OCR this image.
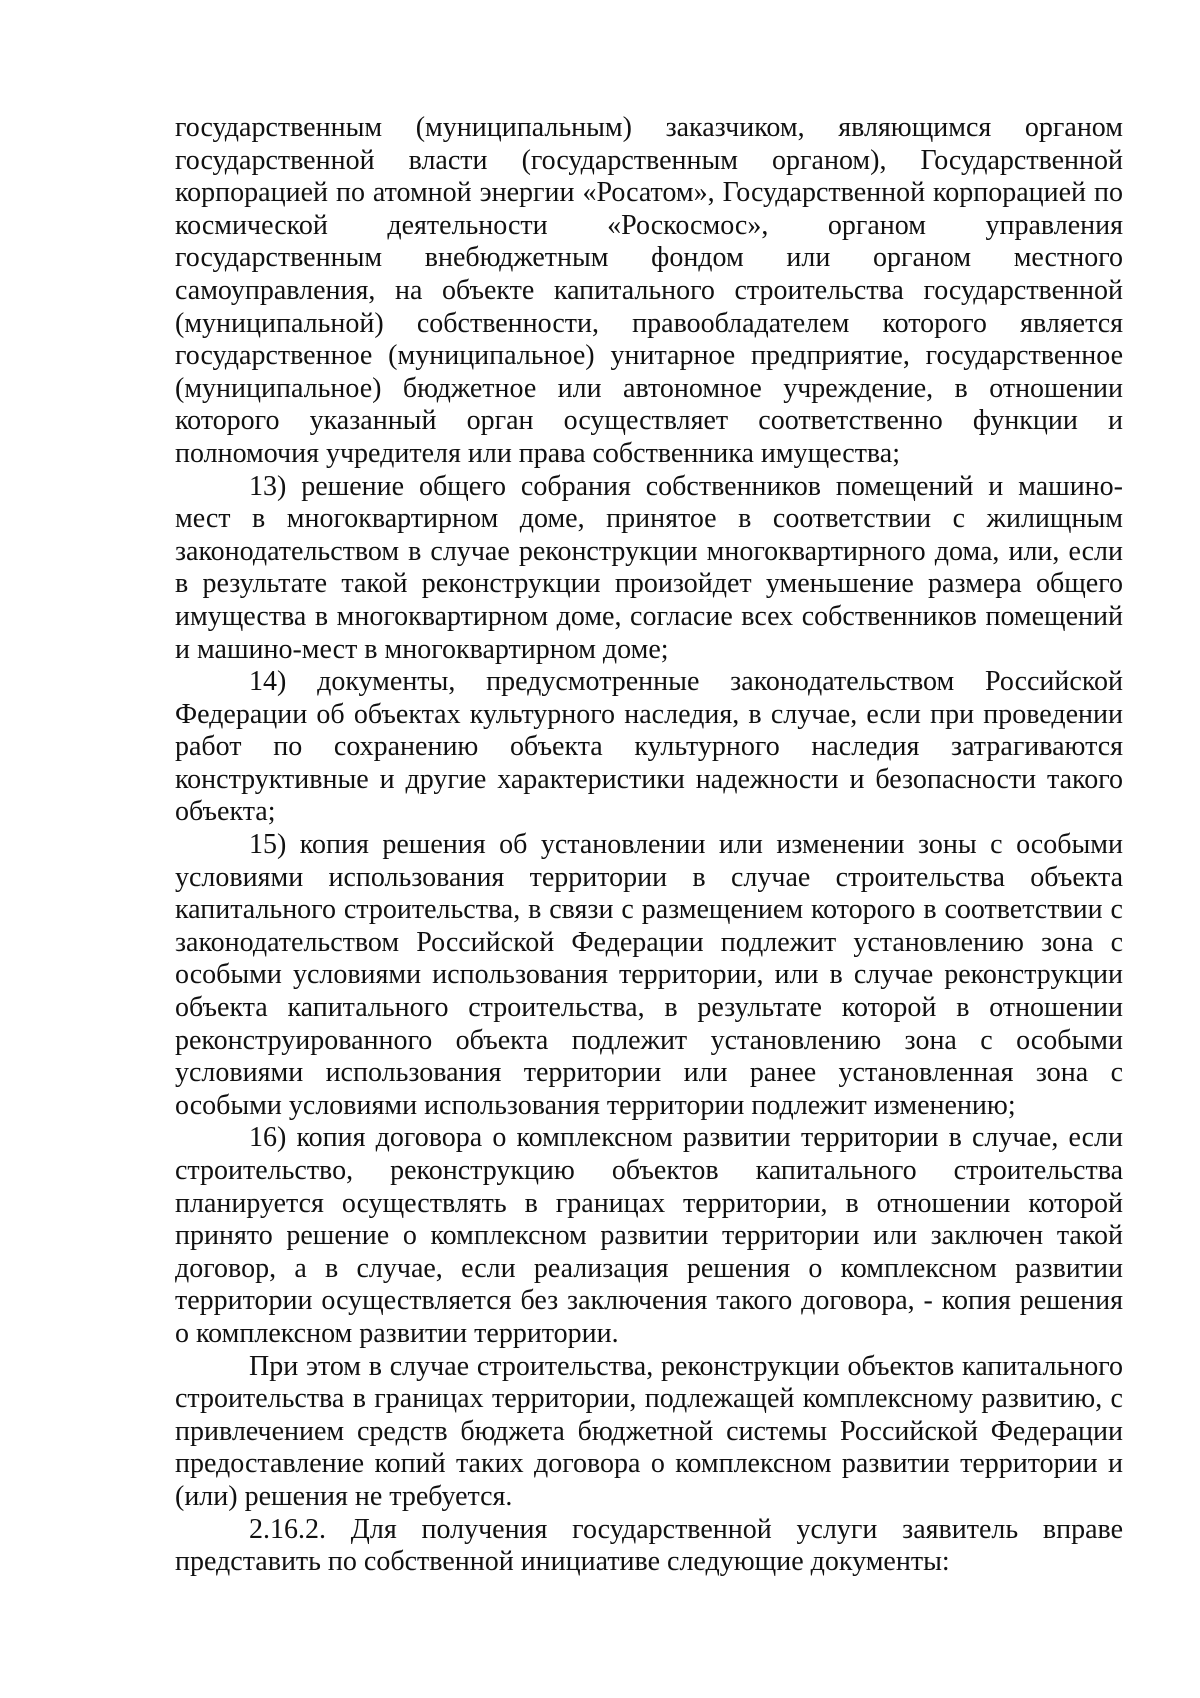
государственным (муниципальным) заказчиком, являющимся органом государственной власти (государственным органом), Государственной корпорацией по атомной энергии «Росатом», Государственной корпорацией по космической деятельности «Роскосмос», органом управления государственным внебюджетным фондом или органом местного самоуправления, на объекте капитального строительства государственной (муниципальной) собственности, правообладателем которого является государственное (муниципальное) унитарное предприятие, государственное (муниципальное) бюджетное или автономное учреждение, в отношении которого указанный орган осуществляет соответственно функции и полномочия учредителя или права собственника имущества;

13) решение общего собрания собственников помещений и машино-мест в многоквартирном доме, принятое в соответствии с жилищным законодательством в случае реконструкции многоквартирного дома, или, если в результате такой реконструкции произойдет уменьшение размера общего имущества в многоквартирном доме, согласие всех собственников помещений и машино-мест в многоквартирном доме;

14) документы, предусмотренные законодательством Российской Федерации об объектах культурного наследия, в случае, если при проведении работ по сохранению объекта культурного наследия затрагиваются конструктивные и другие характеристики надежности и безопасности такого объекта;

15) копия решения об установлении или изменении зоны с особыми условиями использования территории в случае строительства объекта капитального строительства, в связи с размещением которого в соответствии с законодательством Российской Федерации подлежит установлению зона с особыми условиями использования территории, или в случае реконструкции объекта капитального строительства, в результате которой в отношении реконструированного объекта подлежит установлению зона с особыми условиями использования территории или ранее установленная зона с особыми условиями использования территории подлежит изменению;

16) копия договора о комплексном развитии территории в случае, если строительство, реконструкцию объектов капитального строительства планируется осуществлять в границах территории, в отношении которой принято решение о комплексном развитии территории или заключен такой договор, а в случае, если реализация решения о комплексном развитии территории осуществляется без заключения такого договора, - копия решения о комплексном развитии территории.

При этом в случае строительства, реконструкции объектов капитального строительства в границах территории, подлежащей комплексному развитию, с привлечением средств бюджета бюджетной системы Российской Федерации предоставление копий таких договора о комплексном развитии территории и (или) решения не требуется.

2.16.2. Для получения государственной услуги заявитель вправе представить по собственной инициативе следующие документы:
